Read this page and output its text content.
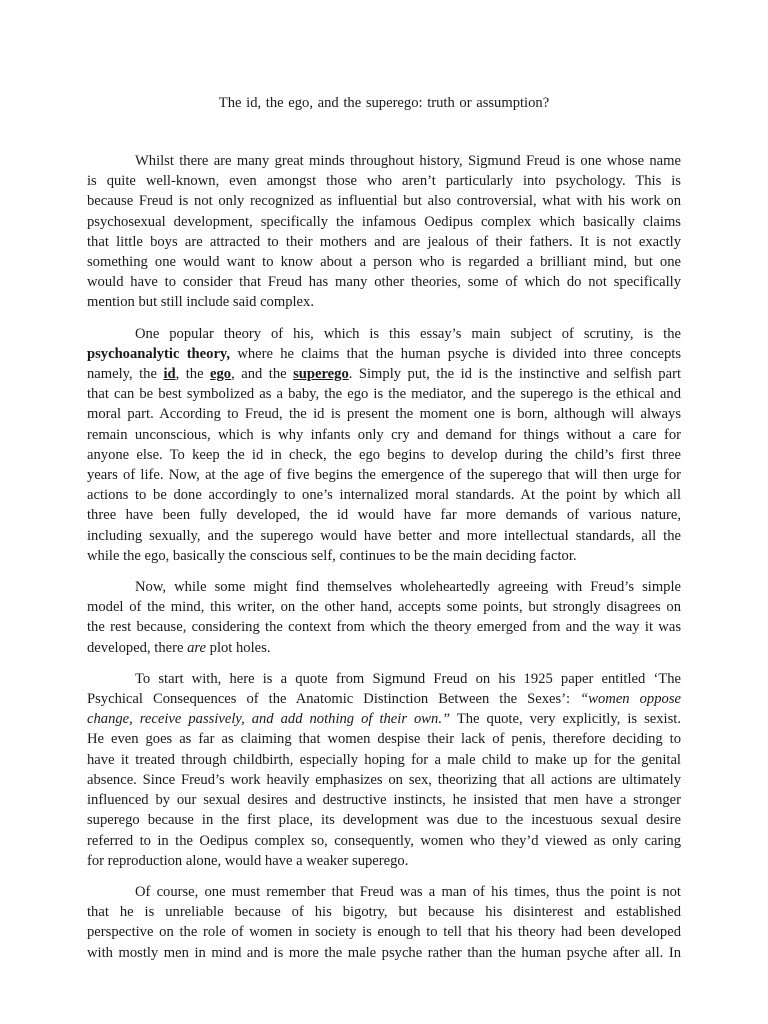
The id, the ego, and the superego: truth or assumption?
Whilst there are many great minds throughout history, Sigmund Freud is one whose name
is quite well-known, even amongst those who aren’t particularly into psychology. This is
because Freud is not only recognized as influential but also controversial, what with his work on
psychosexual development, specifically the infamous Oedipus complex which basically claims
that little boys are attracted to their mothers and are jealous of their fathers. It is not exactly
something one would want to know about a person who is regarded a brilliant mind, but one
would have to consider that Freud has many other theories, some of which do not specifically
mention but still include said complex.
One popular theory of his, which is this essay’s main subject of scrutiny, is the
psychoanalytic theory, where he claims that the human psyche is divided into three concepts
namely, the id, the ego, and the superego. Simply put, the id is the instinctive and selfish part
that can be best symbolized as a baby, the ego is the mediator, and the superego is the ethical and
moral part. According to Freud, the id is present the moment one is born, although will always
remain unconscious, which is why infants only cry and demand for things without a care for
anyone else. To keep the id in check, the ego begins to develop during the child’s first three
years of life. Now, at the age of five begins the emergence of the superego that will then urge for
actions to be done accordingly to one’s internalized moral standards. At the point by which all
three have been fully developed, the id would have far more demands of various nature,
including sexually, and the superego would have better and more intellectual standards, all the
while the ego, basically the conscious self, continues to be the main deciding factor.
Now, while some might find themselves wholeheartedly agreeing with Freud’s simple
model of the mind, this writer, on the other hand, accepts some points, but strongly disagrees on
the rest because, considering the context from which the theory emerged from and the way it was
developed, there are plot holes.
To start with, here is a quote from Sigmund Freud on his 1925 paper entitled ‘The
Psychical Consequences of the Anatomic Distinction Between the Sexes’: “women oppose
change, receive passively, and add nothing of their own.” The quote, very explicitly, is sexist.
He even goes as far as claiming that women despise their lack of penis, therefore deciding to
have it treated through childbirth, especially hoping for a male child to make up for the genital
absence. Since Freud’s work heavily emphasizes on sex, theorizing that all actions are ultimately
influenced by our sexual desires and destructive instincts, he insisted that men have a stronger
superego because in the first place, its development was due to the incestuous sexual desire
referred to in the Oedipus complex so, consequently, women who they’d viewed as only caring
for reproduction alone, would have a weaker superego.
Of course, one must remember that Freud was a man of his times, thus the point is not
that he is unreliable because of his bigotry, but because his disinterest and established
perspective on the role of women in society is enough to tell that his theory had been developed
with mostly men in mind and is more the male psyche rather than the human psyche after all. In
